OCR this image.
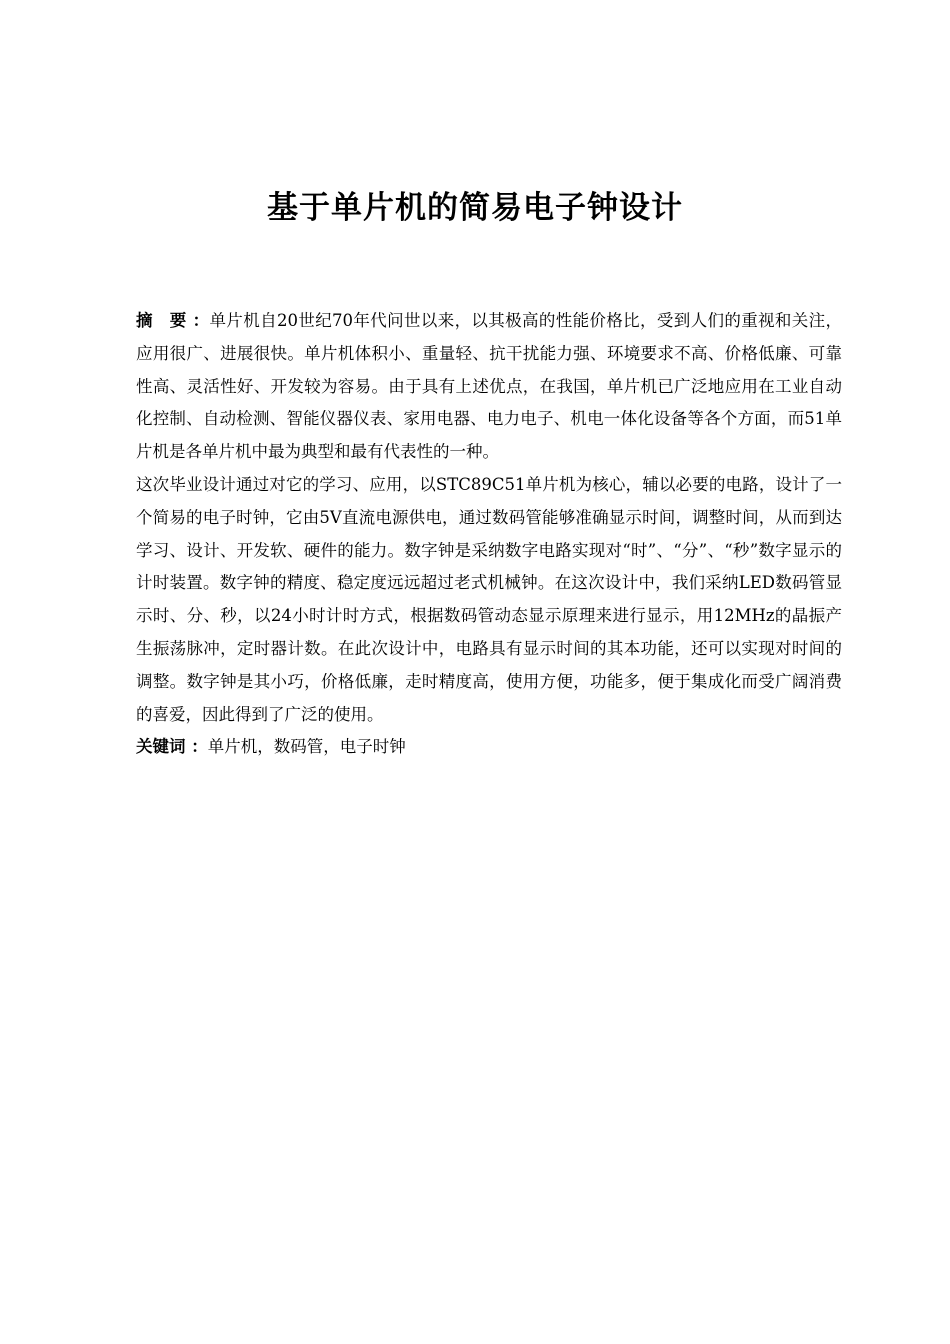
基于单片机的简易电子钟设计

摘　要 ：单片机自20世纪70年代问世以来，以其极高的性能价格比，受到人们的重视和关注，应用很广、进展很快。单片机体积小、重量轻、抗干扰能力强、环境要求不高、价格低廉、可靠性高、灵活性好、开发较为容易。由于具有上述优点，在我国，单片机已广泛地应用在工业自动化控制、自动检测、智能仪器仪表、家用电器、电力电子、机电一体化设备等各个方面，而51单片机是各单片机中最为典型和最有代表性的一种。

这次毕业设计通过对它的学习、应用，以STC89C51单片机为核心，辅以必要的电路，设计了一个简易的电子时钟，它由5V直流电源供电，通过数码管能够准确显示时间，调整时间，从而到达学习、设计、开发软、硬件的能力。数字钟是采纳数字电路实现对“时”、“分”、“秒”数字显示的计时装置。数字钟的精度、稳定度远远超过老式机械钟。在这次设计中，我们采纳LED数码管显示时、分、秒，以24小时计时方式，根据数码管动态显示原理来进行显示，用12MHz的晶振产生振荡脉冲，定时器计数。在此次设计中，电路具有显示时间的其本功能，还可以实现对时间的调整。数字钟是其小巧，价格低廉，走时精度高，使用方便，功能多，便于集成化而受广阔消费的喜爱，因此得到了广泛的使用。

关键词 ：单片机，数码管，电子时钟
